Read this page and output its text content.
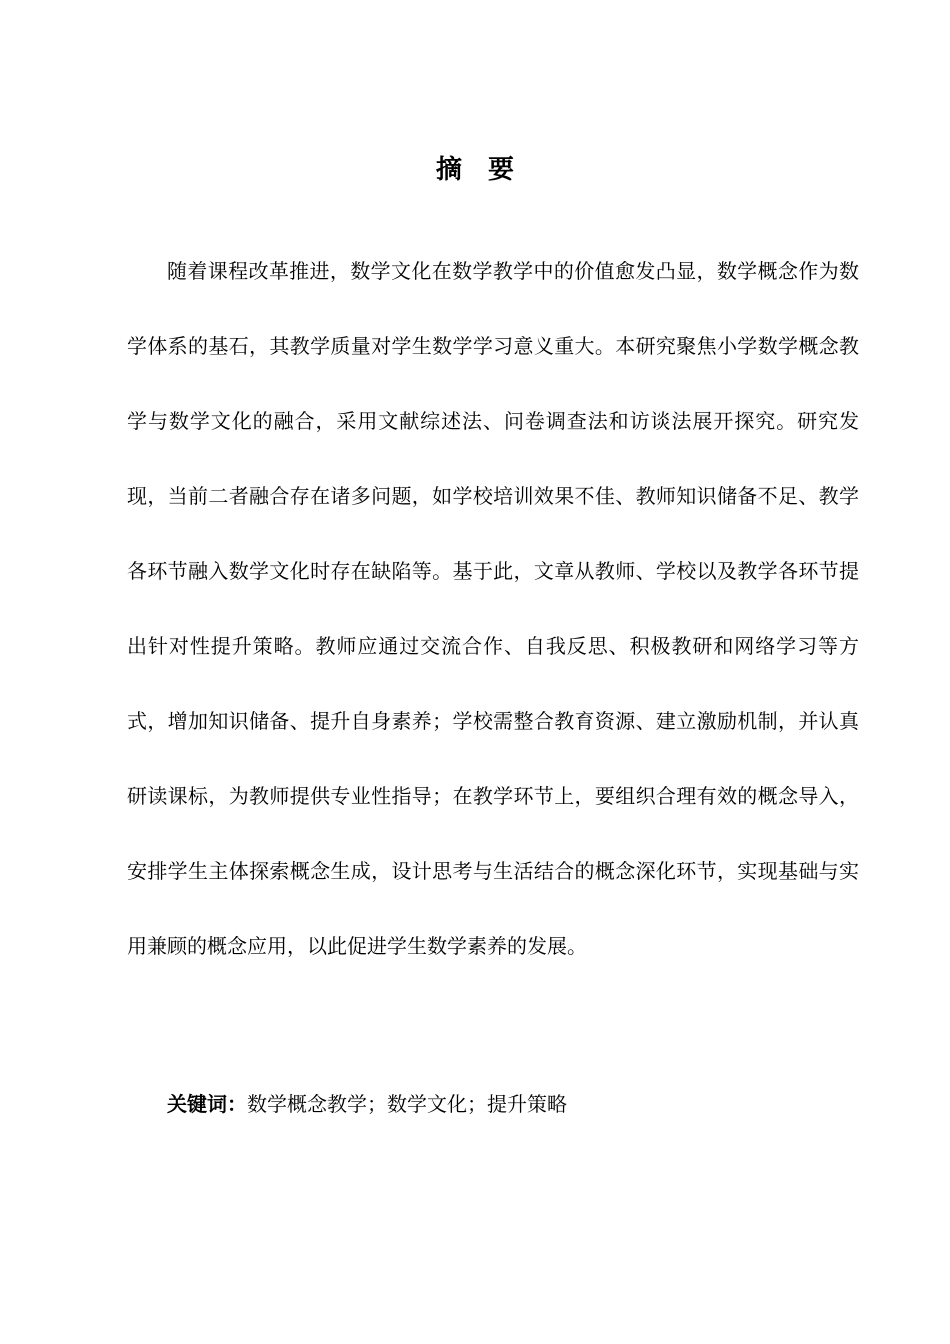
摘要

随着课程改革推进，数学文化在数学教学中的价值愈发凸显，数学概念作为数学体系的基石，其教学质量对学生数学学习意义重大。本研究聚焦小学数学概念教学与数学文化的融合，采用文献综述法、问卷调查法和访谈法展开探究。研究发现，当前二者融合存在诸多问题，如学校培训效果不佳、教师知识储备不足、教学各环节融入数学文化时存在缺陷等。基于此，文章从教师、学校以及教学各环节提出针对性提升策略。教师应通过交流合作、自我反思、积极教研和网络学习等方式，增加知识储备、提升自身素养；学校需整合教育资源、建立激励机制，并认真研读课标，为教师提供专业性指导；在教学环节上，要组织合理有效的概念导入，安排学生主体探索概念生成，设计思考与生活结合的概念深化环节，实现基础与实用兼顾的概念应用，以此促进学生数学素养的发展。

关键词：数学概念教学；数学文化；提升策略
